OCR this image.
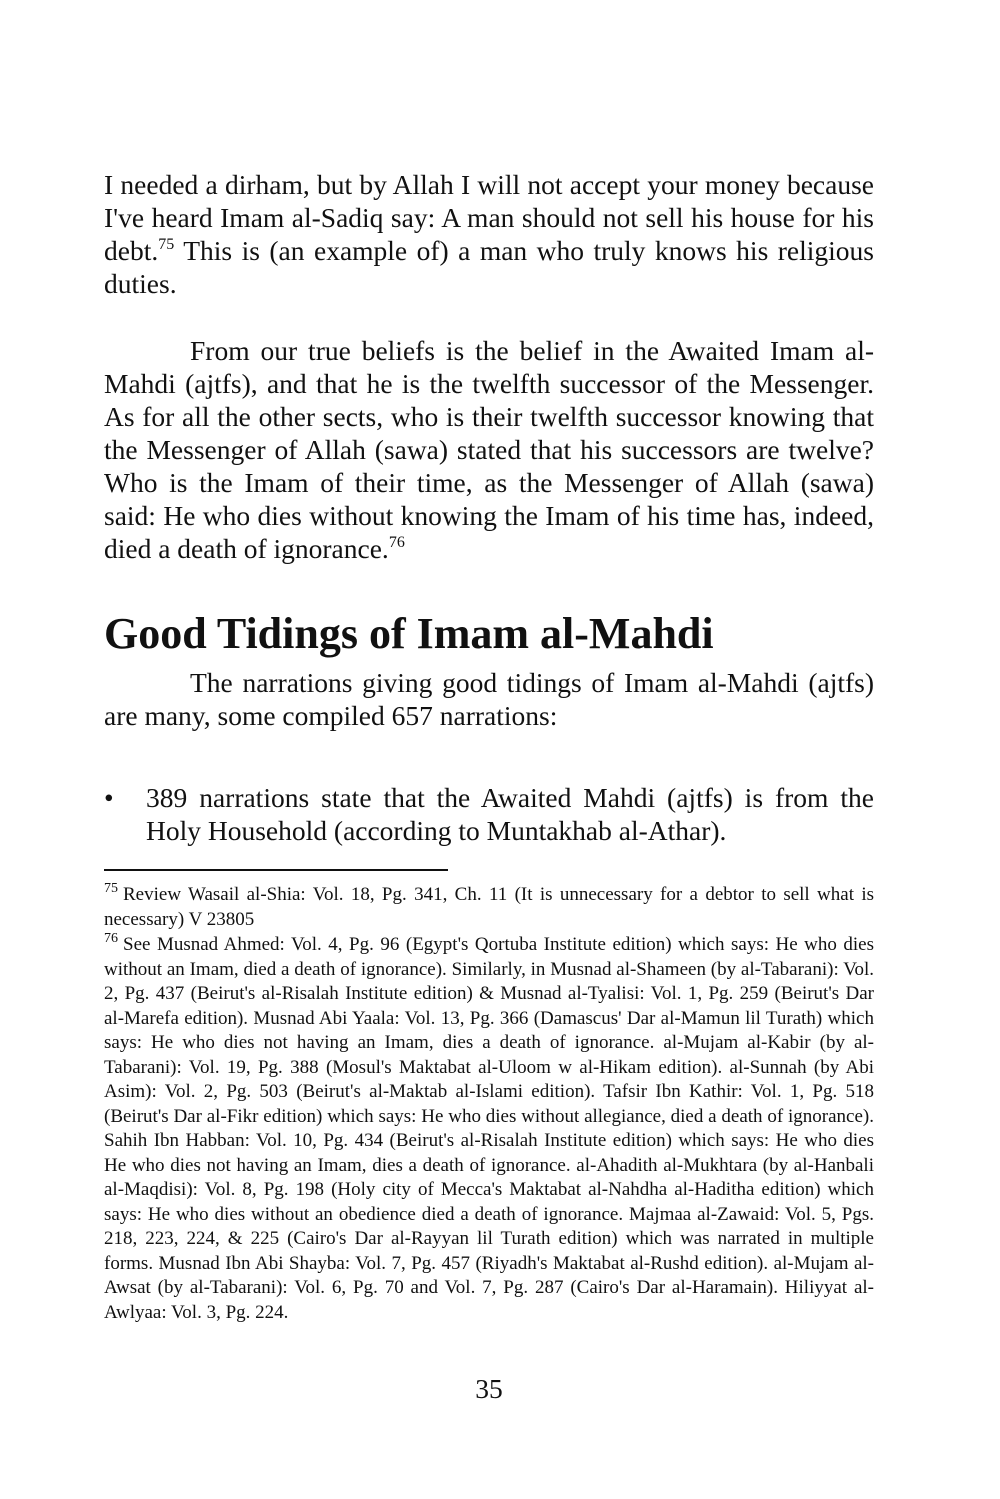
I needed a dirham, but by Allah I will not accept your money because I've heard Imam al-Sadiq say: A man should not sell his house for his debt.$^{75}$ This is (an example of) a man who truly knows his religious duties.

From our true beliefs is the belief in the Awaited Imam al-Mahdi (ajtfs), and that he is the twelfth successor of the Messenger. As for all the other sects, who is their twelfth successor knowing that the Messenger of Allah (sawa) stated that his successors are twelve? Who is the Imam of their time, as the Messenger of Allah (sawa) said: He who dies without knowing the Imam of his time has, indeed, died a death of ignorance.$^{76}$

Good Tidings of Imam al-Mahdi

The narrations giving good tidings of Imam al-Mahdi (ajtfs) are many, some compiled 657 narrations:

•	389 narrations state that the Awaited Mahdi (ajtfs) is from the Holy Household (according to Muntakhab al-Athar).

$^{75}$ Review Wasail al-Shia: Vol. 18, Pg. 341, Ch. 11 (It is unnecessary for a debtor to sell what is necessary) V 23805

$^{76}$ See Musnad Ahmed: Vol. 4, Pg. 96 (Egypt's Qortuba Institute edition) which says: He who dies without an Imam, died a death of ignorance). Similarly, in Musnad al-Shameen (by al-Tabarani): Vol. 2, Pg. 437 (Beirut's al-Risalah Institute edition) & Musnad al-Tyalisi: Vol. 1, Pg. 259 (Beirut's Dar al-Marefa edition). Musnad Abi Yaala: Vol. 13, Pg. 366 (Damascus' Dar al-Mamun lil Turath) which says: He who dies not having an Imam, dies a death of ignorance. al-Mujam al-Kabir (by al-Tabarani): Vol. 19, Pg. 388 (Mosul's Maktabat al-Uloom w al-Hikam edition). al-Sunnah (by Abi Asim): Vol. 2, Pg. 503 (Beirut's al-Maktab al-Islami edition). Tafsir Ibn Kathir: Vol. 1, Pg. 518 (Beirut's Dar al-Fikr edition) which says: He who dies without allegiance, died a death of ignorance). Sahih Ibn Habban: Vol. 10, Pg. 434 (Beirut's al-Risalah Institute edition) which says: He who dies He who dies not having an Imam, dies a death of ignorance. al-Ahadith al-Mukhtara (by al-Hanbali al-Maqdisi): Vol. 8, Pg. 198 (Holy city of Mecca's Maktabat al-Nahdha al-Haditha edition) which says: He who dies without an obedience died a death of ignorance. Majmaa al-Zawaid: Vol. 5, Pgs. 218, 223, 224, & 225 (Cairo's Dar al-Rayyan lil Turath edition) which was narrated in multiple forms. Musnad Ibn Abi Shayba: Vol. 7, Pg. 457 (Riyadh's Maktabat al-Rushd edition). al-Mujam al-Awsat (by al-Tabarani): Vol. 6, Pg. 70 and Vol. 7, Pg. 287 (Cairo's Dar al-Haramain). Hiliyyat al-Awlyaa: Vol. 3, Pg. 224.

35
